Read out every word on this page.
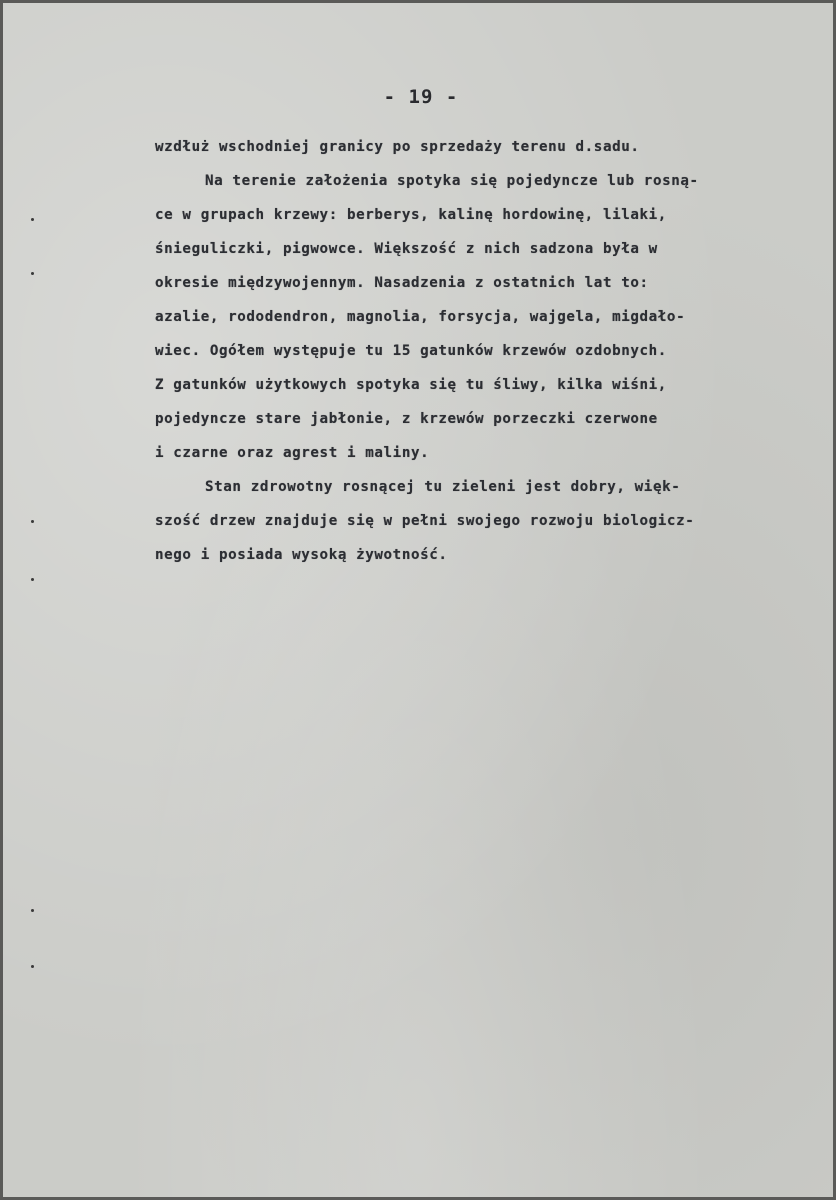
- 19 -
wzdłuż wschodniej granicy po sprzedaży terenu d.sadu.
Na terenie założenia spotyka się pojedyncze lub rosną-
ce w grupach krzewy: berberys, kalinę hordowinę, lilaki,
śnieguliczki, pigwowce. Większość z nich sadzona była w
okresie międzywojennym. Nasadzenia z ostatnich lat to:
azalie, rododendron, magnolia, forsycja, wajgela, migdało-
wiec. Ogółem występuje tu 15 gatunków krzewów ozdobnych.
Z gatunków użytkowych spotyka się tu śliwy, kilka wiśni,
pojedyncze stare jabłonie, z krzewów porzeczki czerwone
i czarne oraz agrest i maliny.
Stan zdrowotny rosnącej tu zieleni jest dobry, więk-
szość drzew znajduje się w pełni swojego rozwoju biologicz-
nego i posiada wysoką żywotność.
